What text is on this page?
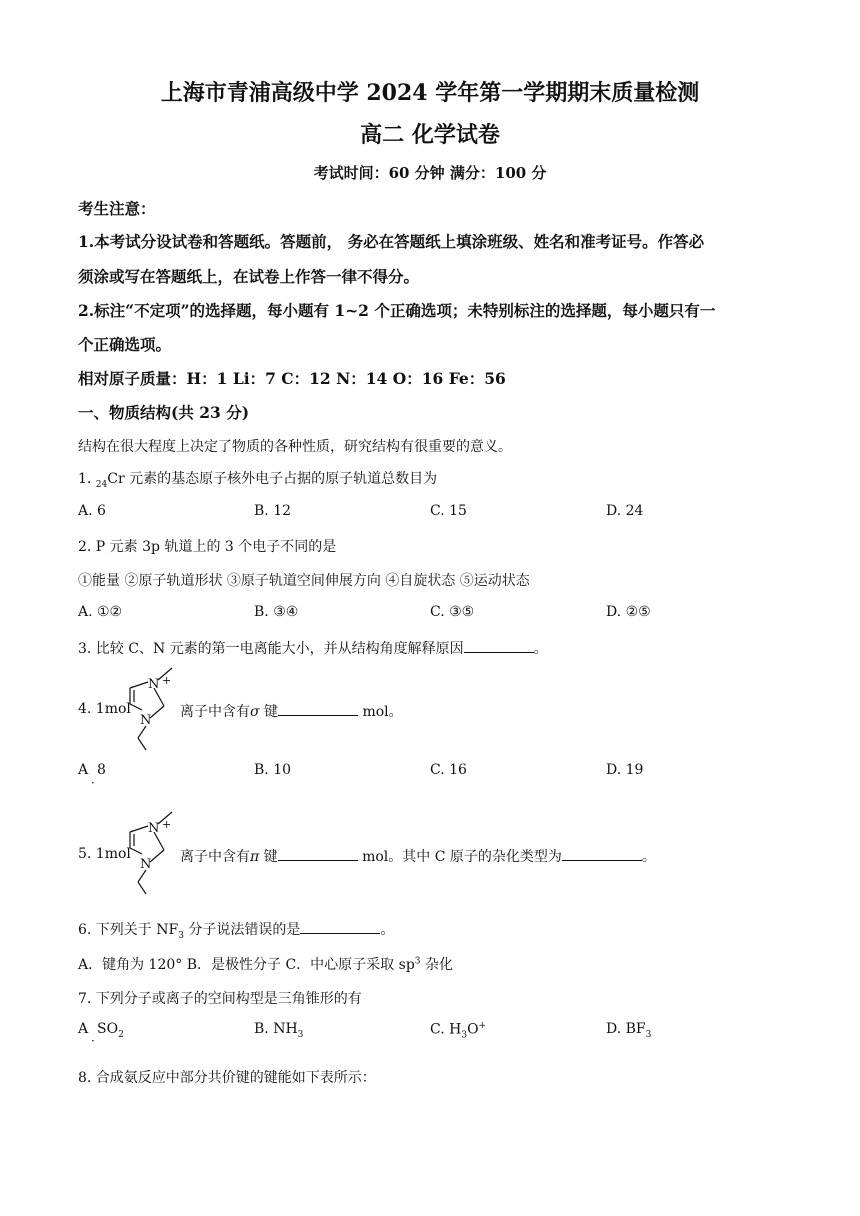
上海市青浦高级中学 2024 学年第一学期期末质量检测
高二 化学试卷
考试时间：60 分钟 满分：100 分
考生注意：
1.本考试分设试卷和答题纸。答题前， 务必在答题纸上填涂班级、姓名和准考证号。作答必
须涂或写在答题纸上，在试卷上作答一律不得分。
2.标注“不定项”的选择题，每小题有 1~2 个正确选项；未特别标注的选择题，每小题只有一
个正确选项。
相对原子质量：H：1 Li：7 C：12 N：14 O：16 Fe：56
一、物质结构(共 23 分)
结构在很大程度上决定了物质的各种性质，研究结构有很重要的意义。
1. $_{24}$Cr 元素的基态原子核外电子占据的原子轨道总数目为
A. 6	B. 12	C. 15	D. 24
2. P 元素 3p 轨道上的 3 个电子不同的是
①能量 ②原子轨道形状 ③原子轨道空间伸展方向 ④自旋状态 ⑤运动状态
A. ①②	B. ③④	C. ③⑤	D. ②⑤
3. 比较 C、N 元素的第一电离能大小，并从结构角度解释原因	。
4. 1mol
N +
N
离子中含有σ 键	mol。
A 8
·
B. 10	C. 16	D. 19
5. 1mol
N +
N 离子中含有π 键	mol。其中 C 原子的杂化类型为	。
6. 下列关于 $NF_3$ 分子说法错误的是	。
A．键角为 120° B．是极性分子 C．中心原子采取 $sp^3$ 杂化
7. 下列分子或离子的空间构型是三角锥形的有
A $SO_2$
·
B. $NH_3$	C. $H_3O^+$	D. $BF_3$
8. 合成氨反应中部分共价键的键能如下表所示：
